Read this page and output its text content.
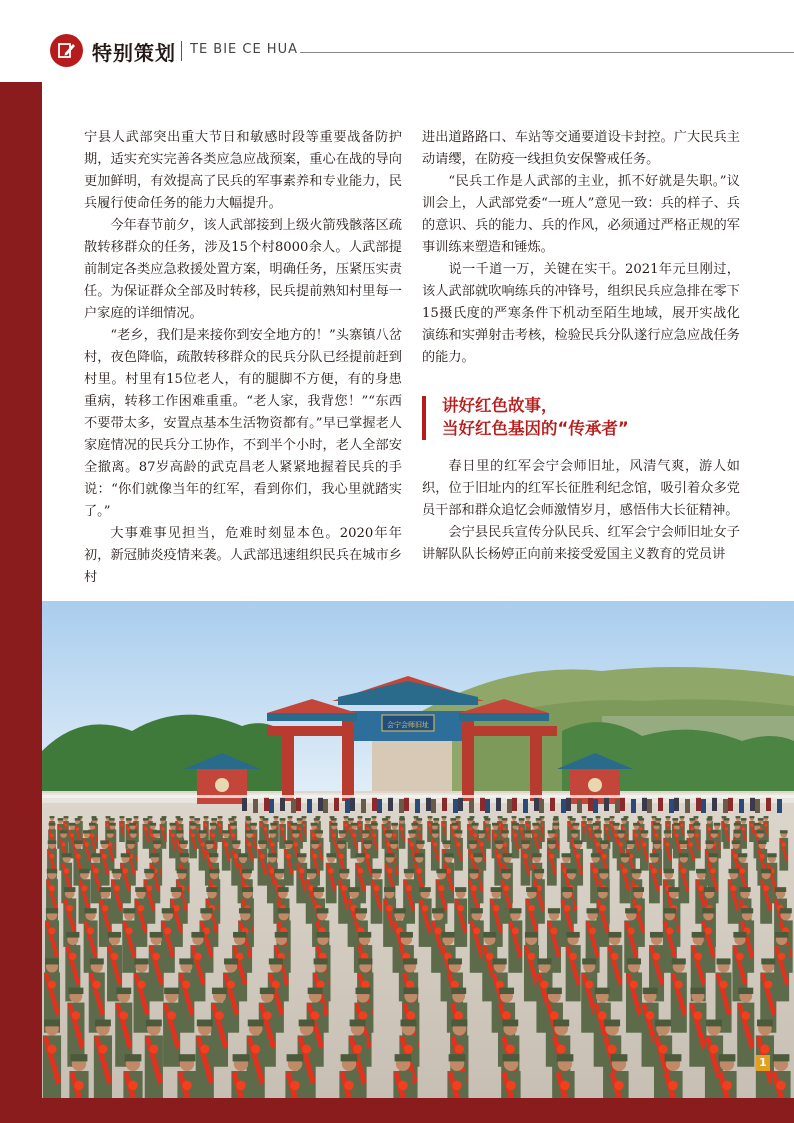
特别策划 TE BIE CE HUA

宁县人武部突出重大节日和敏感时段等重要战备防护期，适实充实完善各类应急应战预案，重心在战的导向更加鲜明，有效提高了民兵的军事素养和专业能力，民兵履行使命任务的能力大幅提升。

今年春节前夕，该人武部接到上级火箭残骸落区疏散转移群众的任务，涉及15个村8000余人。人武部提前制定各类应急救援处置方案，明确任务，压紧压实责任。为保证群众全部及时转移，民兵提前熟知村里每一户家庭的详细情况。

“老乡，我们是来接你到安全地方的！”头寨镇八岔村，夜色降临，疏散转移群众的民兵分队已经提前赶到村里。村里有15位老人，有的腿脚不方便，有的身患重病，转移工作困难重重。“老人家，我背您！”“东西不要带太多，安置点基本生活物资都有。”早已掌握老人家庭情况的民兵分工协作，不到半个小时，老人全部安全撤离。87岁高龄的武克昌老人紧紧地握着民兵的手说：“你们就像当年的红军，看到你们，我心里就踏实了。”

大事难事见担当，危难时刻显本色。2020年年初，新冠肺炎疫情来袭。人武部迅速组织民兵在城市乡村

进出道路路口、车站等交通要道设卡封控。广大民兵主动请缨，在防疫一线担负安保警戒任务。

“民兵工作是人武部的主业，抓不好就是失职。”议训会上，人武部党委“一班人”意见一致：兵的样子、兵的意识、兵的能力、兵的作风，必须通过严格正规的军事训练来塑造和锤炼。

说一千道一万，关键在实干。2021年元旦刚过，该人武部就吹响练兵的冲锋号，组织民兵应急排在零下15摄氏度的严寒条件下机动至陌生地域，展开实战化演练和实弹射击考核，检验民兵分队遂行应急应战任务的能力。

讲好红色故事，
当好红色基因的“传承者”

春日里的红军会宁会师旧址，风清气爽，游人如织，位于旧址内的红军长征胜利纪念馆，吸引着众多党员干部和群众追忆会师激情岁月，感悟伟大长征精神。

会宁县民兵宣传分队民兵、红军会宁会师旧址女子讲解队队长杨婷正向前来接受爱国主义教育的党员讲

会宁会师旧址
1
